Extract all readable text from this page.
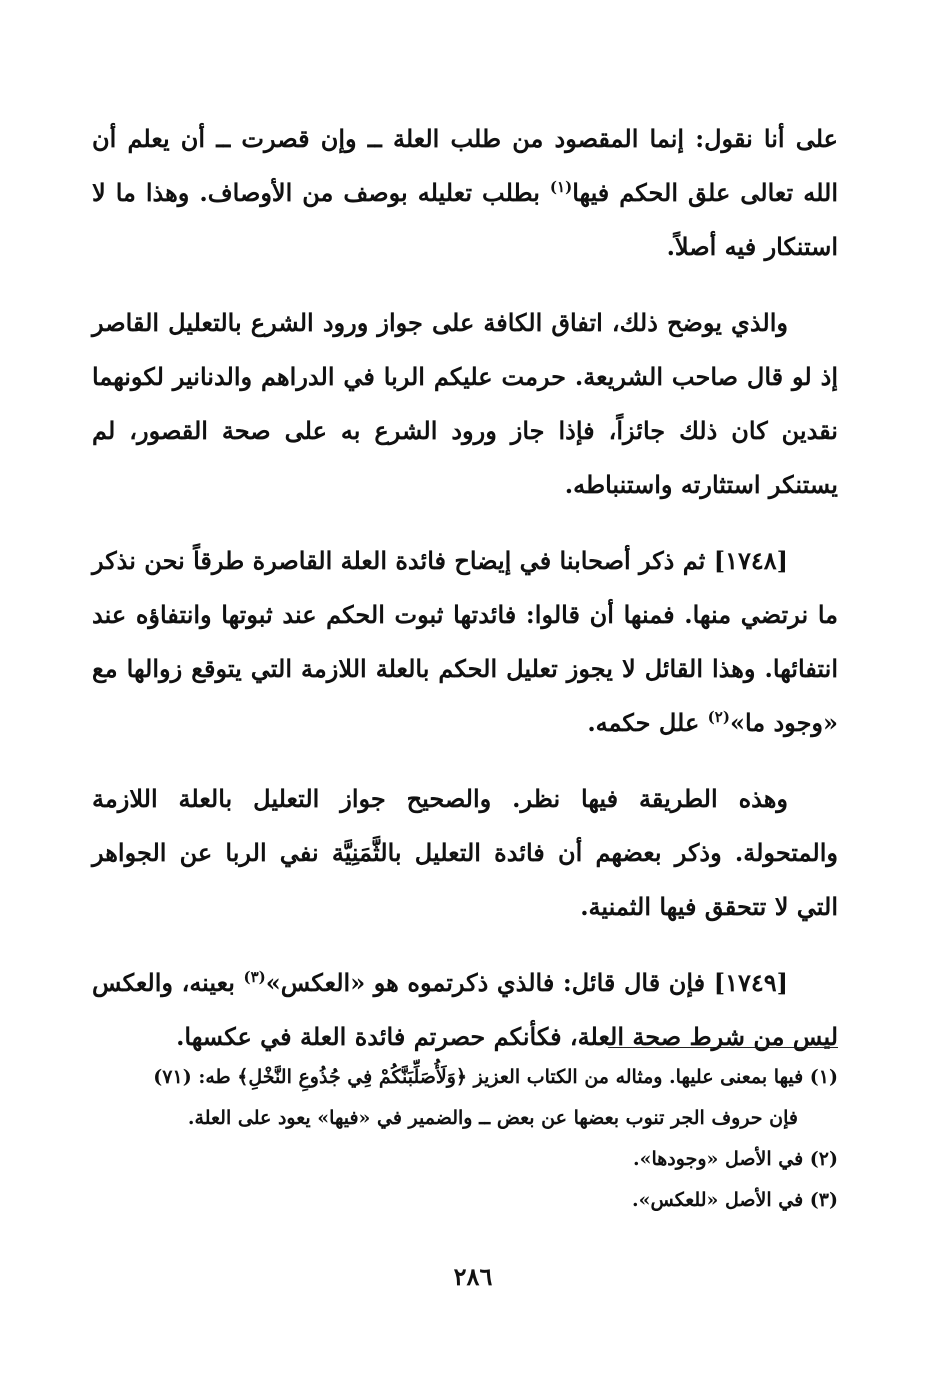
على أنا نقول: إنما المقصود من طلب العلة ــ وإن قصرت ــ أن يعلم أن الله تعالى علق الحكم فيها$^{(١)}$ بطلب تعليله بوصف من الأوصاف. وهذا ما لا استنكار فيه أصلاً.

والذي يوضح ذلك، اتفاق الكافة على جواز ورود الشرع بالتعليل القاصر إذ لو قال صاحب الشريعة. حرمت عليكم الربا في الدراهم والدنانير لكونهما نقدين كان ذلك جائزاً، فإذا جاز ورود الشرع به على صحة القصور، لم يستنكر استثارته واستنباطه.

[١٧٤٨] ثم ذكر أصحابنا في إيضاح فائدة العلة القاصرة طرقاً نحن نذكر ما نرتضي منها. فمنها أن قالوا: فائدتها ثبوت الحكم عند ثبوتها وانتفاؤه عند انتفائها. وهذا القائل لا يجوز تعليل الحكم بالعلة اللازمة التي يتوقع زوالها مع «وجود ما»$^{(٢)}$ علل حكمه.

وهذه الطريقة فيها نظر. والصحيح جواز التعليل بالعلة اللازمة والمتحولة. وذكر بعضهم أن فائدة التعليل بالثَّمَنِيَّة نفي الربا عن الجواهر التي لا تتحقق فيها الثمنية.

[١٧٤٩] فإن قال قائل: فالذي ذكرتموه هو «العكس»$^{(٣)}$ بعينه، والعكس ليس من شرط صحة العلة، فكأنكم حصرتم فائدة العلة في عكسها.

(١) فيها بمعنى عليها. ومثاله من الكتاب العزيز ﴿وَلَأُصَلِّبَنَّكُمْ فِي جُذُوعِ النَّخْلِ﴾ طه: (٧١)
فإن حروف الجر تنوب بعضها عن بعض ــ والضمير في «فيها» يعود على العلة.

(٢) في الأصل «وجودها».

(٣) في الأصل «للعكس».

٢٨٦
